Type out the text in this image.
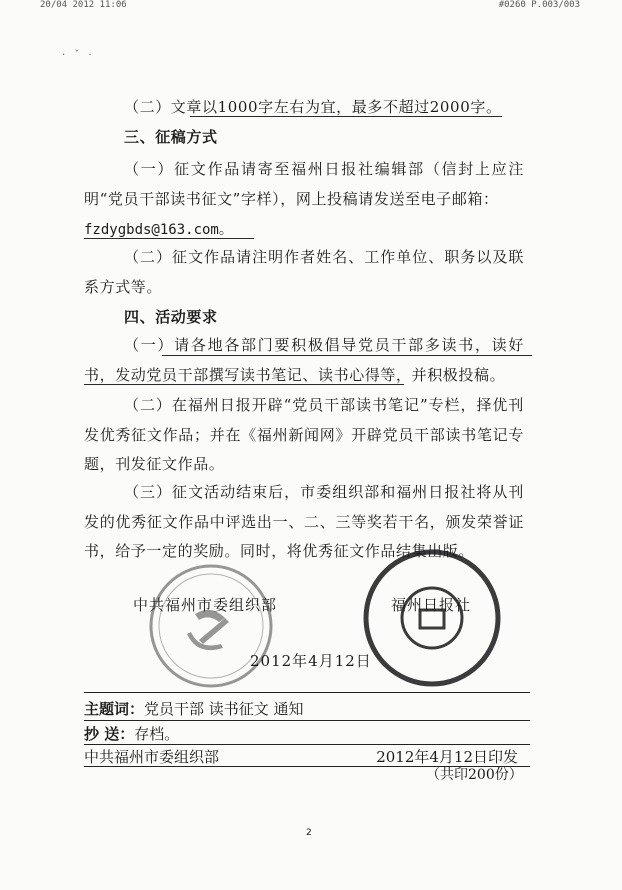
20/04 2012 11:06	#0260 P.003/003
· ˇ ·
（二）文章以1000字左右为宜，最多不超过2000字。
三、征稿方式
（一）征文作品请寄至福州日报社编辑部（信封上应注明“党员干部读书征文”字样），网上投稿请发送至电子邮箱：
fzdygbds@163.com。
（二）征文作品请注明作者姓名、工作单位、职务以及联系方式等。
四、活动要求
（一）请各地各部门要积极倡导党员干部多读书，读好书，发动党员干部撰写读书笔记、读书心得等，并积极投稿。
（二）在福州日报开辟“党员干部读书笔记”专栏，择优刊发优秀征文作品；并在《福州新闻网》开辟党员干部读书笔记专题，刊发征文作品。
（三）征文活动结束后，市委组织部和福州日报社将从刊发的优秀征文作品中评选出一、二、三等奖若干名，颁发荣誉证书，给予一定的奖励。同时，将优秀征文作品结集出版。
中共福州市委组织部	福州日报社
2012年4月12日
主题词：党员干部 读书征文 通知
抄 送：存档。
中共福州市委组织部	2012年4月12日印发
（共印200份）
2
